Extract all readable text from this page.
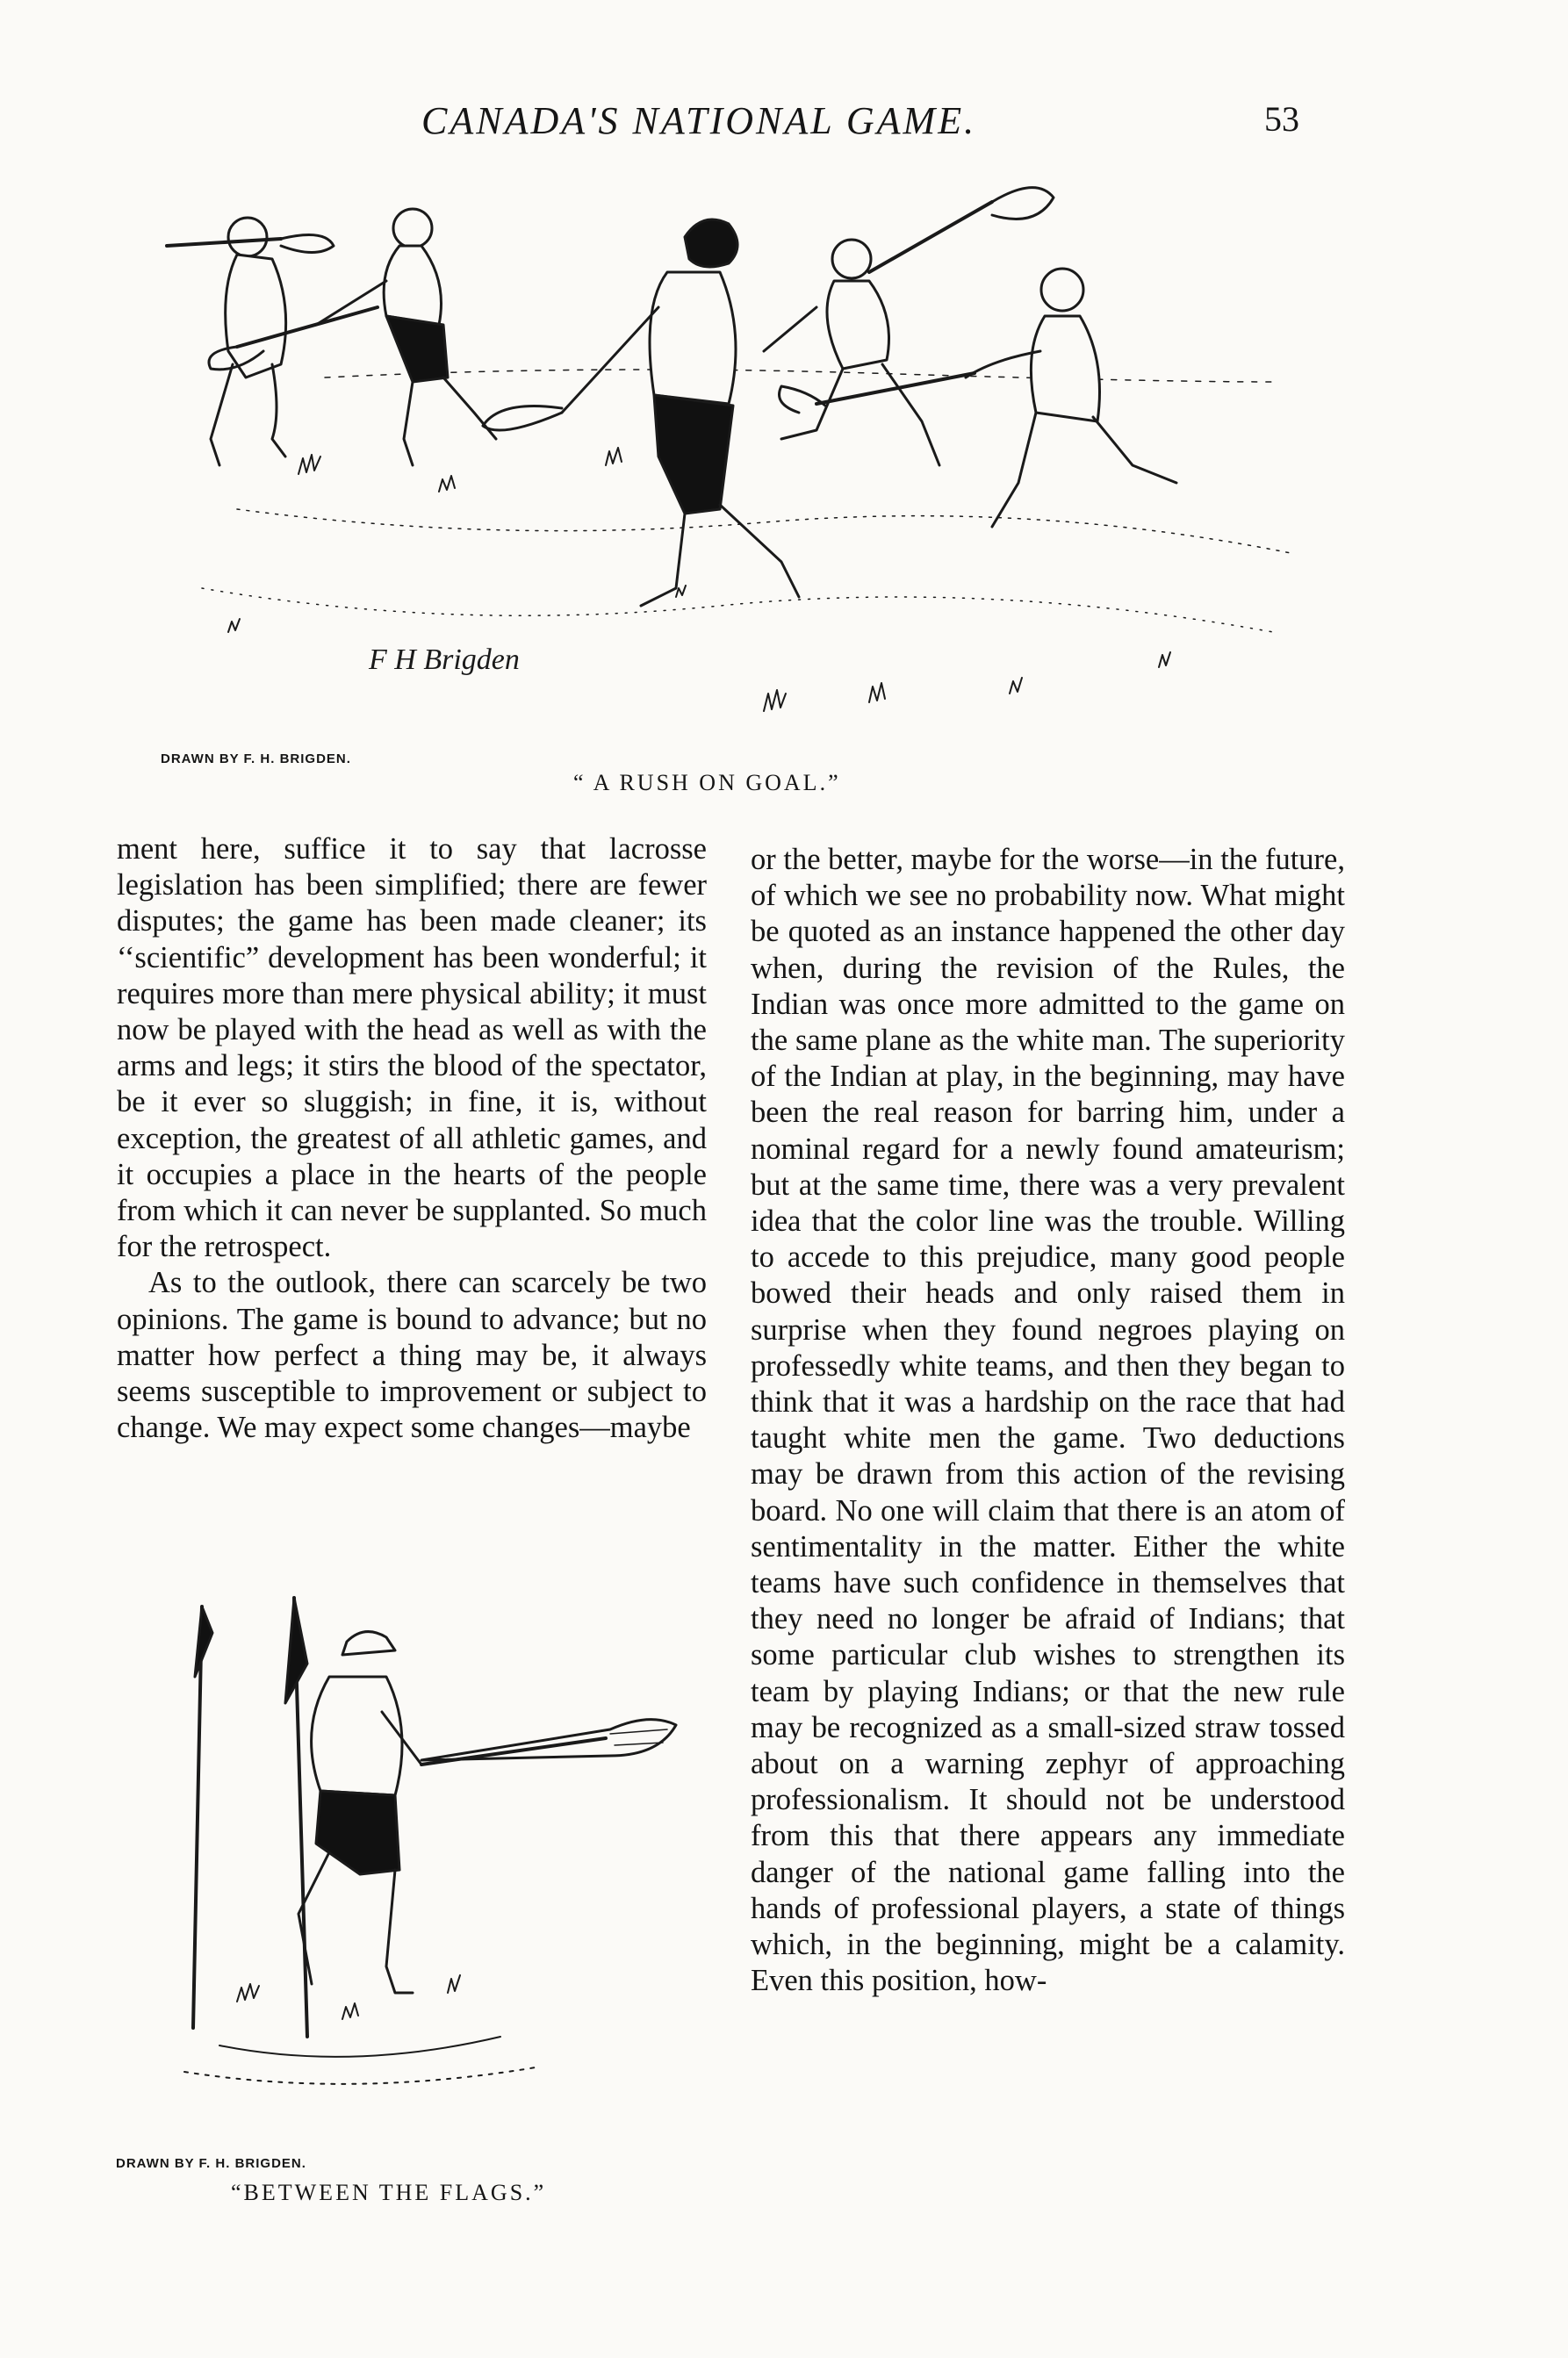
CANADA'S NATIONAL GAME.	53
F H Brigden
DRAWN BY F. H. BRIGDEN.
“ A RUSH ON GOAL.”

ment here, suffice it to say that lacrosse legislation has been simplified; there are fewer disputes; the game has been made cleaner; its ‘‘scientific” development has been wonderful; it requires more than mere physical ability; it must now be played with the head as well as with the arms and legs; it stirs the blood of the spectator, be it ever so sluggish; in fine, it is, without exception, the greatest of all athletic games, and it occupies a place in the hearts of the people from which it can never be supplanted. So much for the retrospect.

As to the outlook, there can scarcely be two opinions. The game is bound to advance; but no matter how perfect a thing may be, it always seems susceptible to improvement or subject to change. We may expect some changes—maybe

DRAWN BY F. H. BRIGDEN.
“BETWEEN THE FLAGS.”

or the better, maybe for the worse—in the future, of which we see no probability now. What might be quoted as an instance happened the other day when, during the revision of the Rules, the Indian was once more admitted to the game on the same plane as the white man. The superiority of the Indian at play, in the beginning, may have been the real reason for barring him, under a nominal regard for a newly found amateurism; but at the same time, there was a very prevalent idea that the color line was the trouble. Willing to accede to this prejudice, many good people bowed their heads and only raised them in surprise when they found negroes playing on professedly white teams, and then they began to think that it was a hardship on the race that had taught white men the game. Two deductions may be drawn from this action of the revising board. No one will claim that there is an atom of sentimentality in the matter. Either the white teams have such confidence in themselves that they need no longer be afraid of Indians; that some particular club wishes to strengthen its team by playing Indians; or that the new rule may be recognized as a small-sized straw tossed about on a warning zephyr of approaching professionalism. It should not be understood from this that there appears any immediate danger of the national game falling into the hands of professional players, a state of things which, in the beginning, might be a calamity. Even this position, how-
